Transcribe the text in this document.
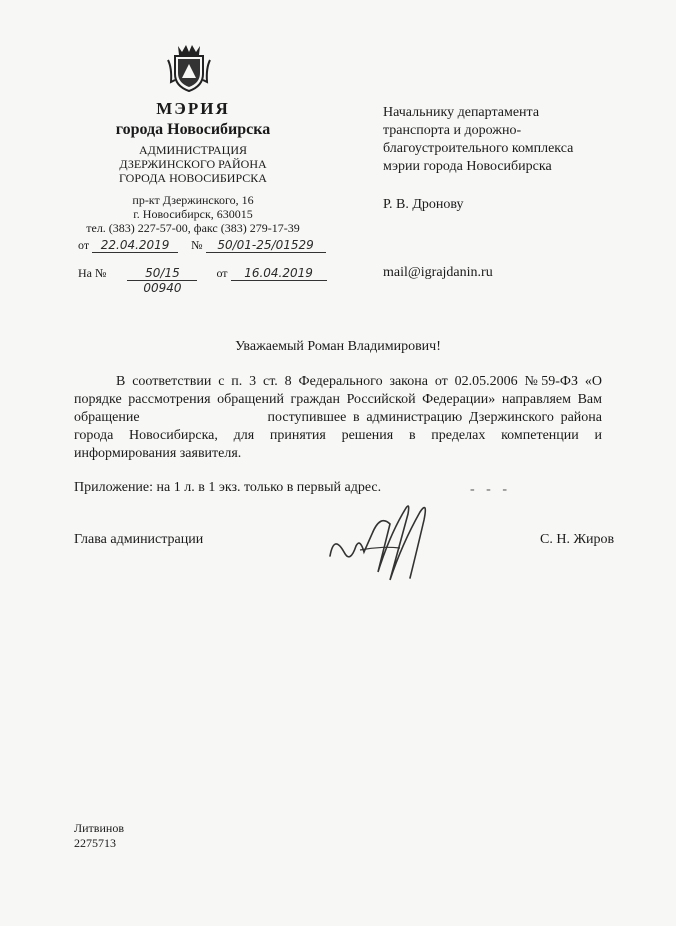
МЭРИЯ
города Новосибирска
АДМИНИСТРАЦИЯ
ДЗЕРЖИНСКОГО РАЙОНА
ГОРОДА НОВОСИБИРСКА
пр-кт Дзержинского, 16
г. Новосибирск, 630015
тел. (383) 227-57-00, факс (383) 279-17-39
от 22.04.2019 № 50/01-25/01529
На № $\frac{50/15}{00940}$ от 16.04.2019
Начальнику департамента
транспорта и дорожно-
благоустроительного комплекса
мэрии города Новосибирска
Р. В. Дронову
mail@igrajdanin.ru
Уважаемый Роман Владимирович!
В соответствии с п. 3 ст. 8 Федерального закона от 02.05.2006 №59-ФЗ «О порядке рассмотрения обращений граждан Российской Федерации» направляем Вам обращение	поступившее в администрацию Дзержинского района города Новосибирска, для принятия решения в пределах компетенции и информирования заявителя.
Приложение: на 1 л. в 1 экз. только в первый адрес.	- - -
Глава администрации	С. Н. Жиров
Литвинов
2275713
